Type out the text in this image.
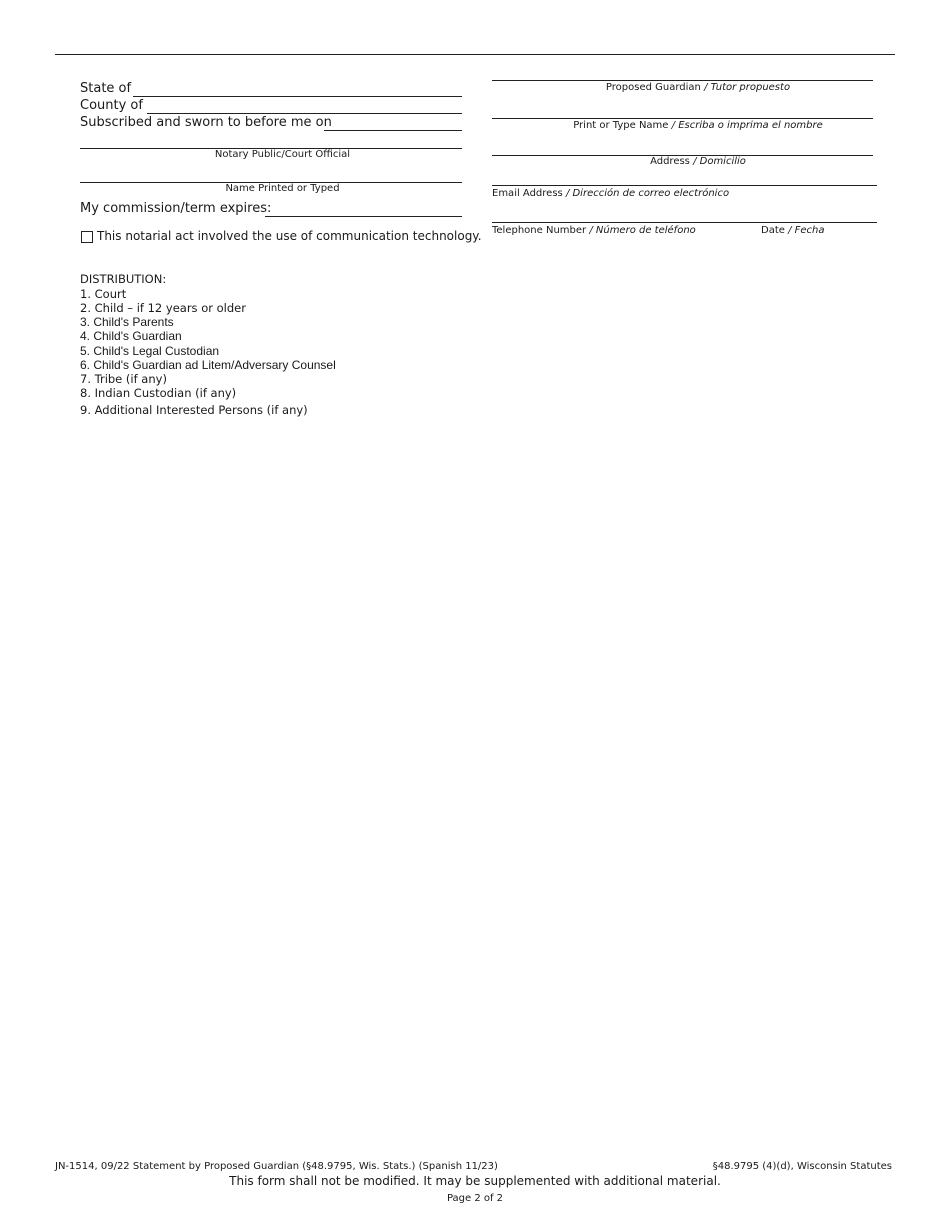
State of
County of
Subscribed and sworn to before me on
Notary Public/Court Official
Name Printed or Typed
My commission/term expires:
This notarial act involved the use of communication technology.
Proposed Guardian / Tutor propuesto
Print or Type Name / Escriba o imprima el nombre
Address / Domicilio
Email Address / Dirección de correo electrónico
Telephone Number / Número de teléfono	Date / Fecha
DISTRIBUTION:
1. Court
2. Child – if 12 years or older
3. Child's Parents
4. Child's Guardian
5. Child's Legal Custodian
6. Child's Guardian ad Litem/Adversary Counsel
7. Tribe (if any)
8. Indian Custodian (if any)
9. Additional Interested Persons (if any)
JN-1514, 09/22 Statement by Proposed Guardian (§48.9795, Wis. Stats.) (Spanish 11/23)	§48.9795 (4)(d), Wisconsin Statutes
This form shall not be modified. It may be supplemented with additional material.
Page 2 of 2
